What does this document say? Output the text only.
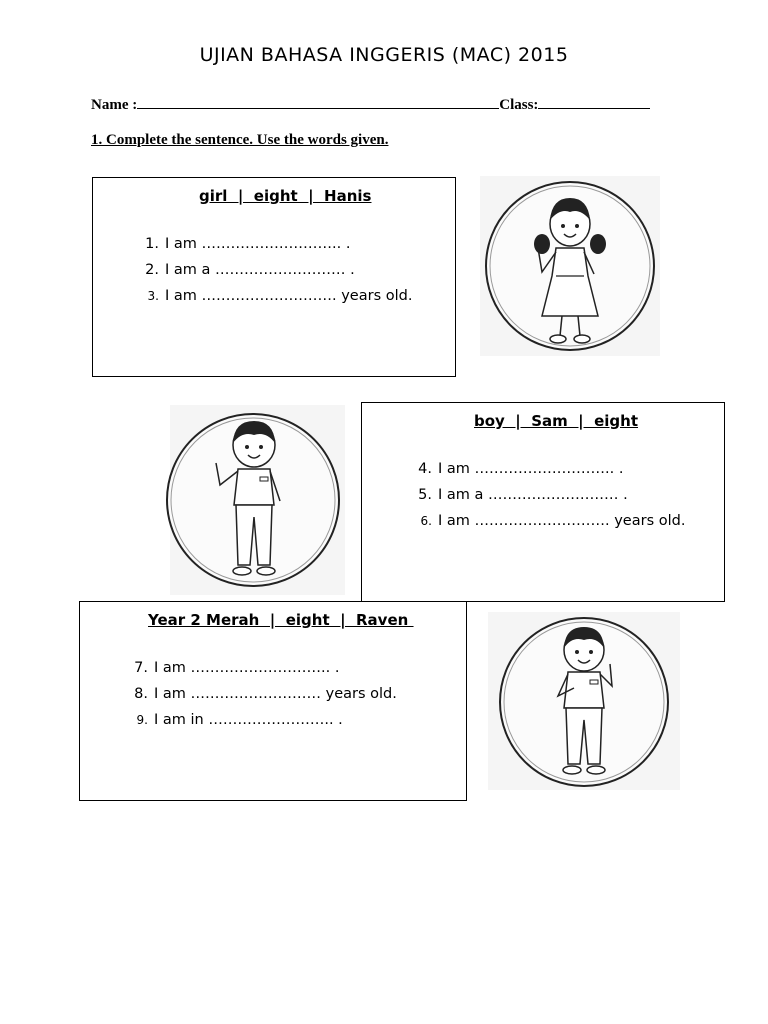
UJIAN BAHASA INGGERIS (MAC) 2015
Name :	Class:
1. Complete the sentence. Use the words given.
girl  |  eight  |  Hanis
1. I am ……………………….. .
2. I am a ……………………… .
3. I am ………………………. years old.
boy  |  Sam  |  eight
4. I am ……………………….. .
5. I am a ……………………… .
6. I am ………………………. years old.
Year 2 Merah  |  eight  |  Raven
7. I am ……………………….. .
8. I am ……………………… years old.
9. I am in …………………….. .
